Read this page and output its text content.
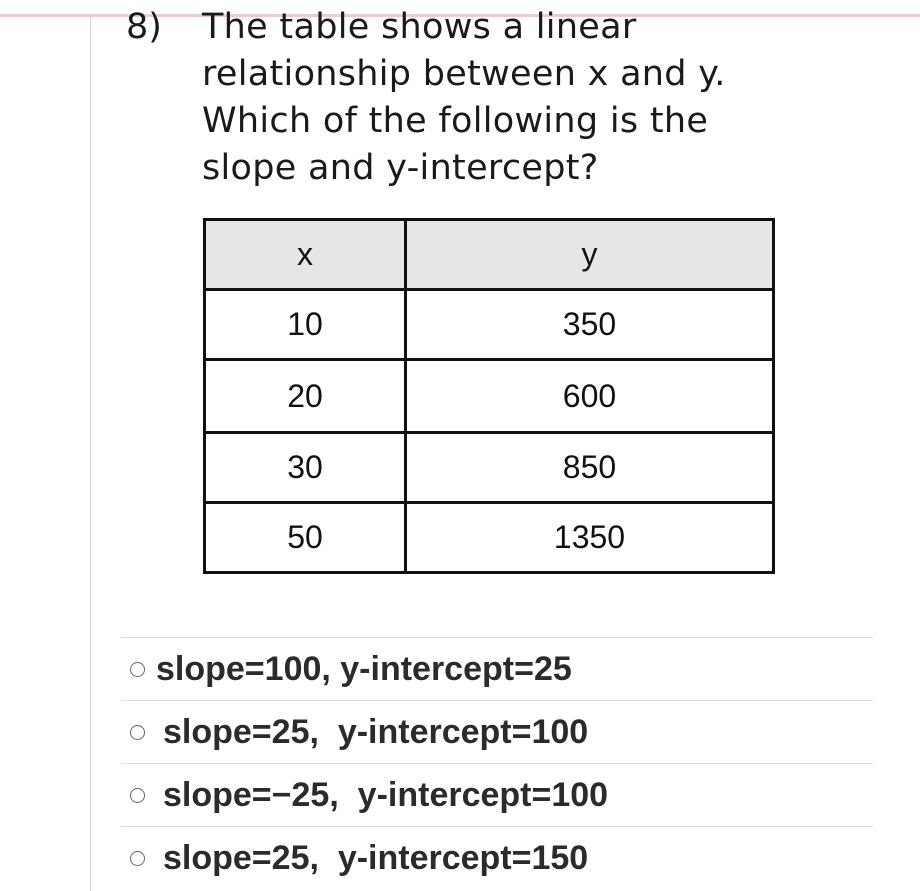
8) The table shows a linear
relationship between x and y.
Which of the following is the
slope and y-intercept?
x	y
10	350
20	600
30	850
50	1350
slope=100, y-intercept=25
slope=25,  y-intercept=100
slope=−25,  y-intercept=100
slope=25,  y-intercept=150
